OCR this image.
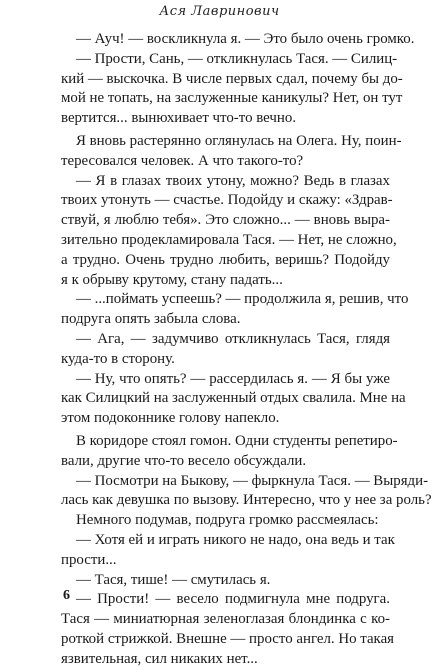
Ася Лавринович
— Ауч! — воскликнула я. — Это было очень громко.
— Прости, Сань, — откликнулась Тася. — Силиц-
кий — выскочка. В числе первых сдал, почему бы до-
мой не топать, на заслуженные каникулы? Нет, он тут
вертится... вынюхивает что-то вечно.
Я вновь растерянно оглянулась на Олега. Ну, поин-
тересовался человек. А что такого-то?
— Я в глазах твоих утону, можно? Ведь в глазах
твоих утонуть — счастье. Подойду и скажу: «Здрав-
ствуй, я люблю тебя». Это сложно... — вновь выра-
зительно продекламировала Тася. — Нет, не сложно,
а трудно. Очень трудно любить, веришь? Подойду
я к обрыву крутому, стану падать...
— ...поймать успеешь? — продолжила я, решив, что
подруга опять забыла слова.
— Ага, — задумчиво откликнулась Тася, глядя
куда-то в сторону.
— Ну, что опять? — рассердилась я. — Я бы уже
как Силицкий на заслуженный отдых свалила. Мне на
этом подоконнике голову напекло.
В коридоре стоял гомон. Одни студенты репетиро-
вали, другие что-то весело обсуждали.
— Посмотри на Быкову, — фыркнула Тася. — Выряди-
лась как девушка по вызову. Интересно, что у нее за роль?
Немного подумав, подруга громко рассмеялась:
— Хотя ей и играть никого не надо, она ведь и так
прости...
— Тася, тише! — смутилась я.
— Прости! — весело подмигнула мне подруга.
Тася — миниатюрная зеленоглазая блондинка с ко-
роткой стрижкой. Внешне — просто ангел. Но такая
язвительная, сил никаких нет...
6
